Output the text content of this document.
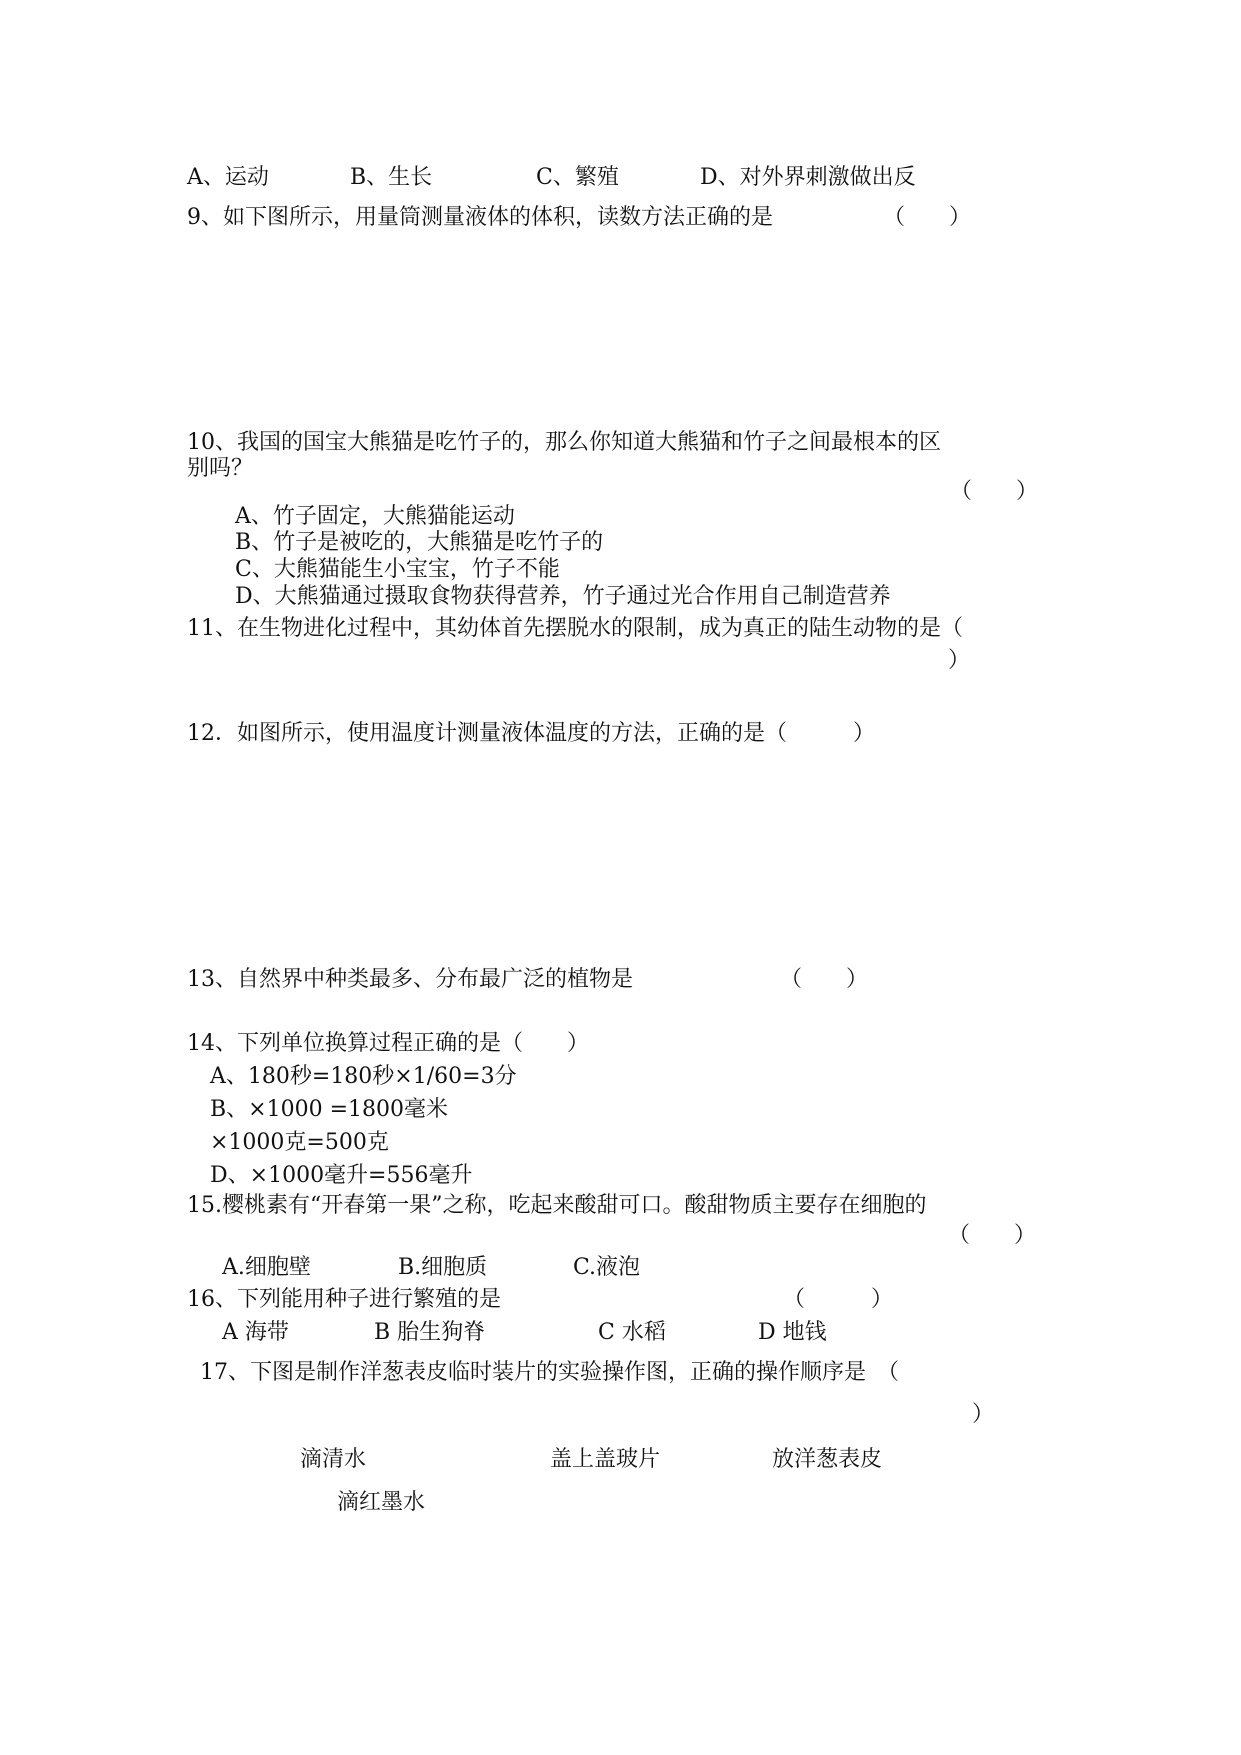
A、运动	B、生长	C、繁殖	D、对外界刺激做出反
9、如下图所示，用量筒测量液体的体积，读数方法正确的是	（　　）
10、我国的国宝大熊猫是吃竹子的，那么你知道大熊猫和竹子之间最根本的区
别吗？
（　　）
A、竹子固定，大熊猫能运动
B、竹子是被吃的，大熊猫是吃竹子的
C、大熊猫能生小宝宝，竹子不能
D、大熊猫通过摄取食物获得营养，竹子通过光合作用自己制造营养
11、在生物进化过程中，其幼体首先摆脱水的限制，成为真正的陆生动物的是（
）
12．如图所示，使用温度计测量液体温度的方法，正确的是（　　　）
13、自然界中种类最多、分布最广泛的植物是	（　　）
14、下列单位换算过程正确的是（　　）
A、180秒=180秒×1/60=3分
B、×1000 =1800毫米
×1000克=500克
D、×1000毫升=556毫升
15.樱桃素有“开春第一果”之称，吃起来酸甜可口。酸甜物质主要存在细胞的
（　　）
A.细胞壁	B.细胞质	C.液泡
16、下列能用种子进行繁殖的是	（　　　）
A 海带	B 胎生狗脊	C 水稻	D 地钱
17、下图是制作洋葱表皮临时装片的实验操作图，正确的操作顺序是　（
）
滴清水	盖上盖玻片	放洋葱表皮
滴红墨水
